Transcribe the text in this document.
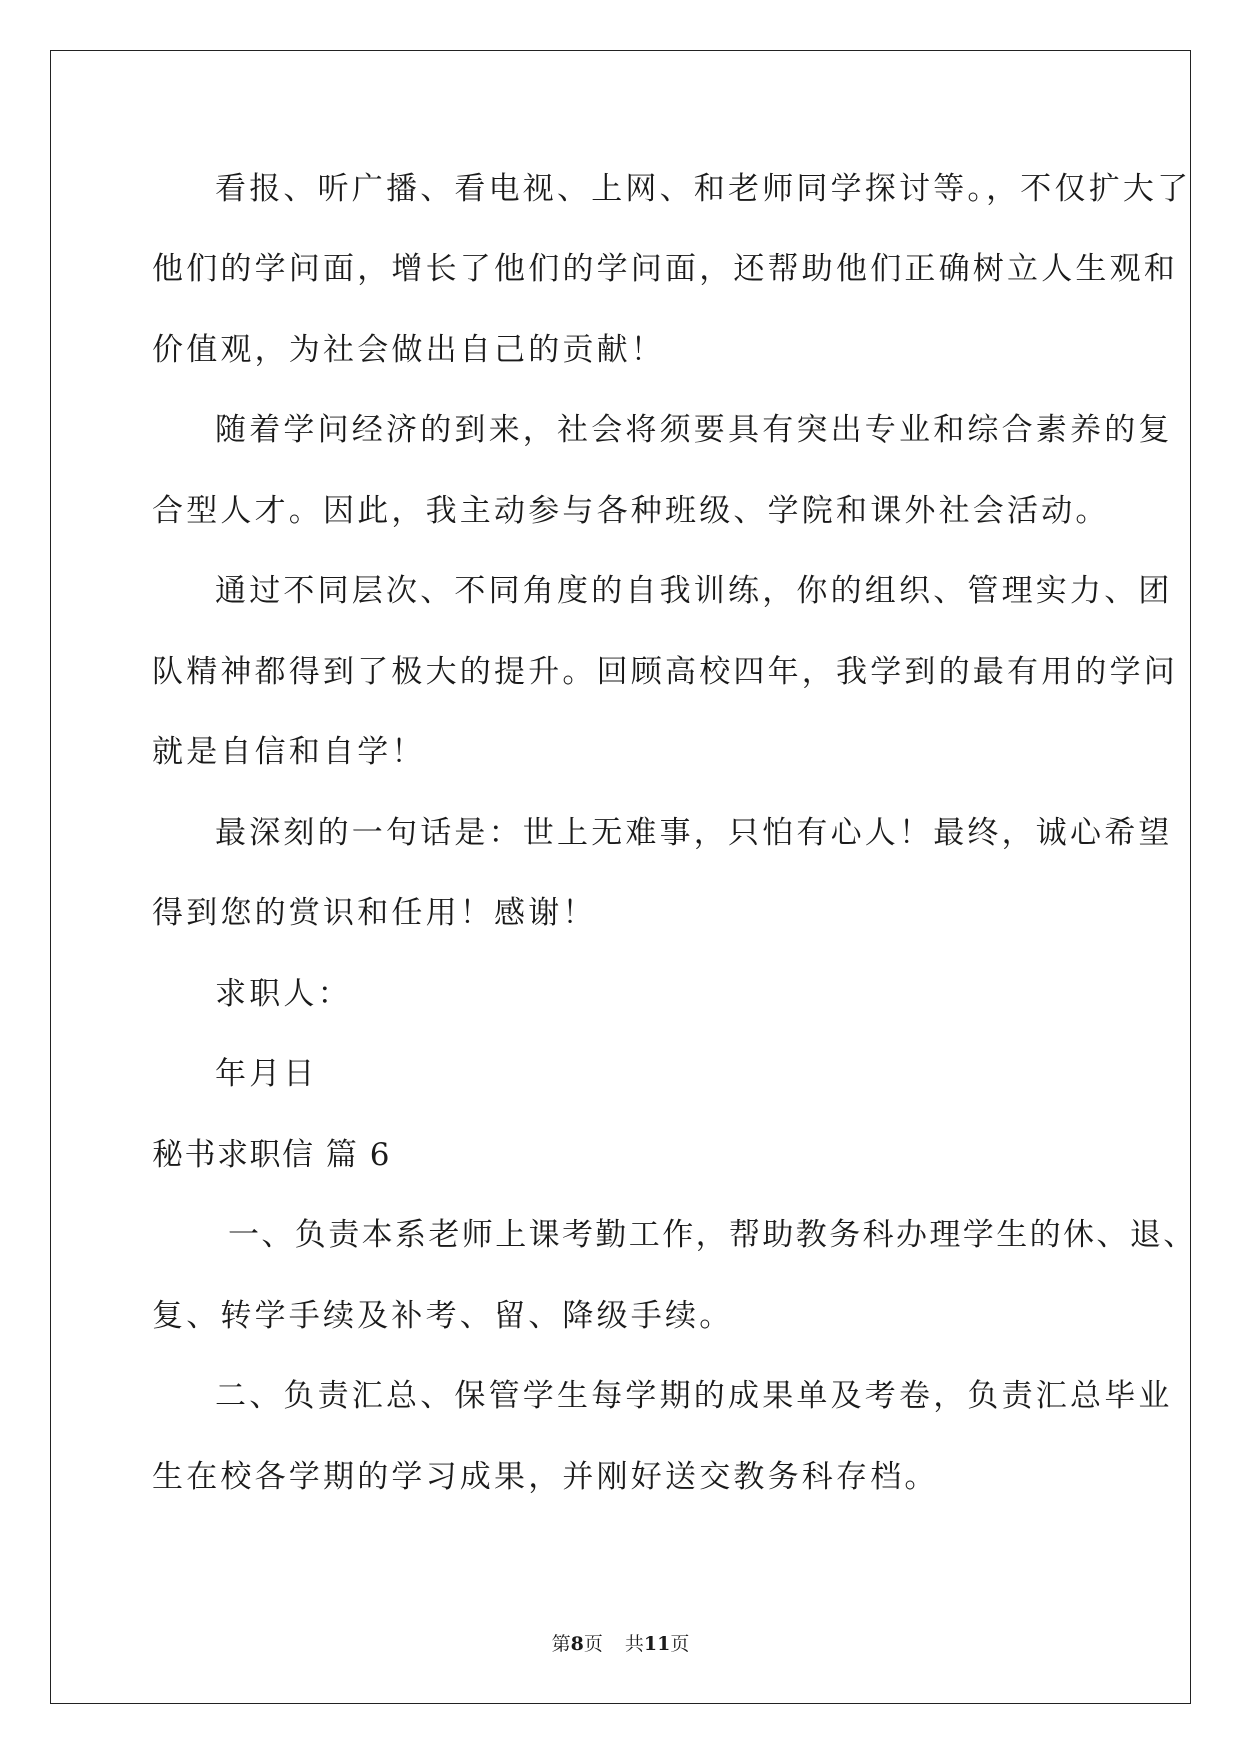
看报、听广播、看电视、上网、和老师同学探讨等。，不仅扩大了
他们的学问面，增长了他们的学问面，还帮助他们正确树立人生观和
价值观，为社会做出自己的贡献！
随着学问经济的到来，社会将须要具有突出专业和综合素养的复
合型人才。因此，我主动参与各种班级、学院和课外社会活动。
通过不同层次、不同角度的自我训练，你的组织、管理实力、团
队精神都得到了极大的提升。回顾高校四年，我学到的最有用的学问
就是自信和自学！
最深刻的一句话是：世上无难事，只怕有心人！最终，诚心希望
得到您的赏识和任用！感谢！
求职人：
年月日
秘书求职信 篇 6
一、负责本系老师上课考勤工作，帮助教务科办理学生的休、退、
复、转学手续及补考、留、降级手续。
二、负责汇总、保管学生每学期的成果单及考卷，负责汇总毕业
生在校各学期的学习成果，并刚好送交教务科存档。
第8页 共11页
